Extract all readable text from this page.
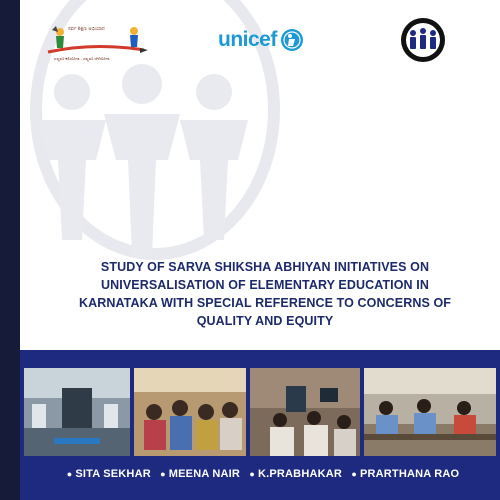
ಸರ್ವ ಶಿಕ್ಷಣ ಅಭಿಯಾನ
ಎಲ್ಲರೂ ಕಲಿಯೋಣ - ಎಲ್ಲರೂ ಬೆಳೆಯೋಣ
unicef
STUDY OF SARVA SHIKSHA ABHIYAN INITIATIVES ON
UNIVERSALISATION OF ELEMENTARY EDUCATION IN
KARNATAKA WITH SPECIAL REFERENCE TO CONCERNS OF
QUALITY AND EQUITY
● SITA SEKHAR ● MEENA NAIR ● K.PRABHAKAR ● PRARTHANA RAO
